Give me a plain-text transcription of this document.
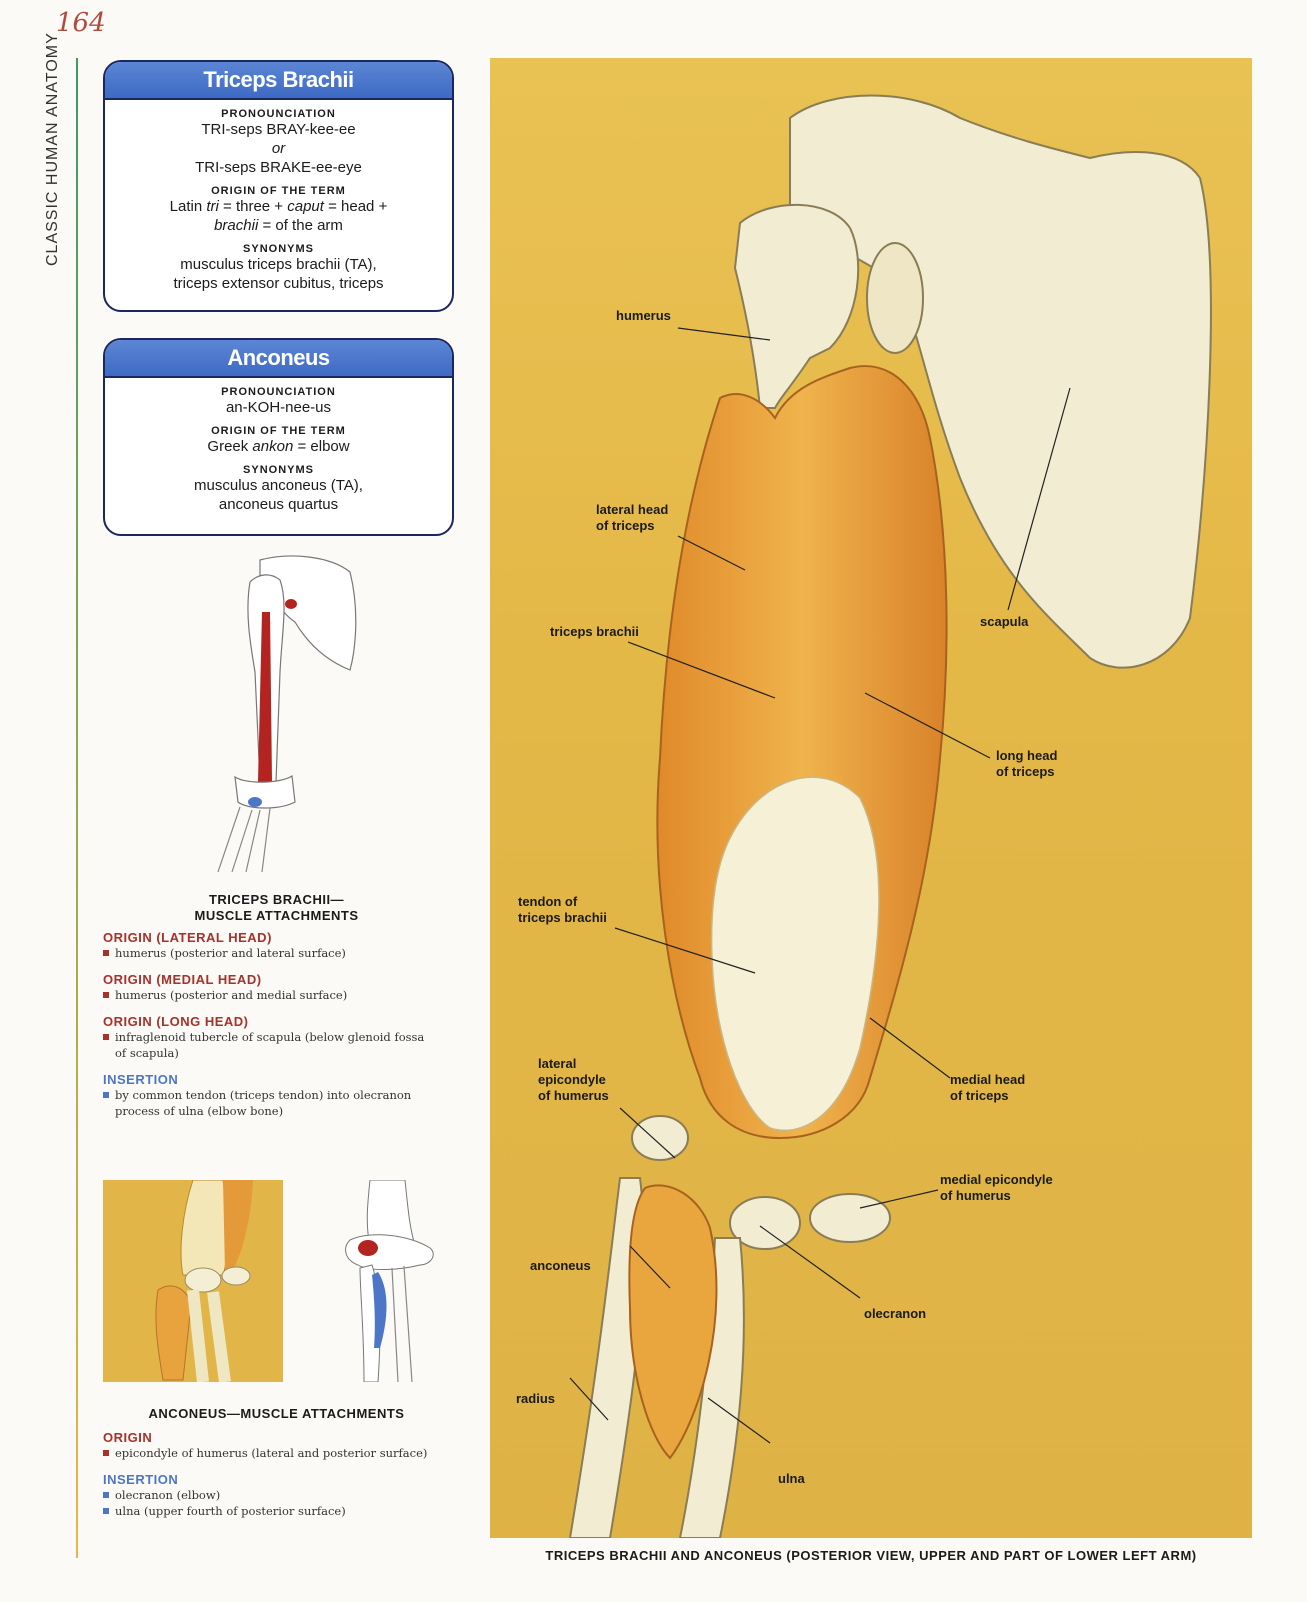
164
CLASSIC HUMAN ANATOMY	Triceps Brachii
PRONOUNCIATION
TRI-seps BRAY-kee-ee
or
TRI-seps BRAKE-ee-eye
ORIGIN OF THE TERM
Latin tri = three + caput = head +
brachii = of the arm
SYNONYMS
musculus triceps brachii (TA),
triceps extensor cubitus, triceps
Anconeus
PRONOUNCIATION
an-KOH-nee-us
ORIGIN OF THE TERM
Greek ankon = elbow
SYNONYMS
musculus anconeus (TA),
anconeus quartus
TRICEPS BRACHII—
MUSCLE ATTACHMENTS
ORIGIN (LATERAL HEAD)
humerus (posterior and lateral surface)
ORIGIN (MEDIAL HEAD)
humerus (posterior and medial surface)
ORIGIN (LONG HEAD)
infraglenoid tubercle of scapula (below glenoid fossa
of scapula)
INSERTION
by common tendon (triceps tendon) into olecranon
process of ulna (elbow bone)
ANCONEUS—MUSCLE ATTACHMENTS
ORIGIN
epicondyle of humerus (lateral and posterior surface)
INSERTION
olecranon (elbow)
ulna (upper fourth of posterior surface)
humerus
lateral head
of triceps
triceps brachii
scapula
long head
of triceps
tendon of
triceps brachii
lateral
epicondyle
of humerus
medial head
of triceps
medial epicondyle
of humerus
anconeus
olecranon
radius
ulna
TRICEPS BRACHII AND ANCONEUS (POSTERIOR VIEW, UPPER AND PART OF LOWER LEFT ARM)
